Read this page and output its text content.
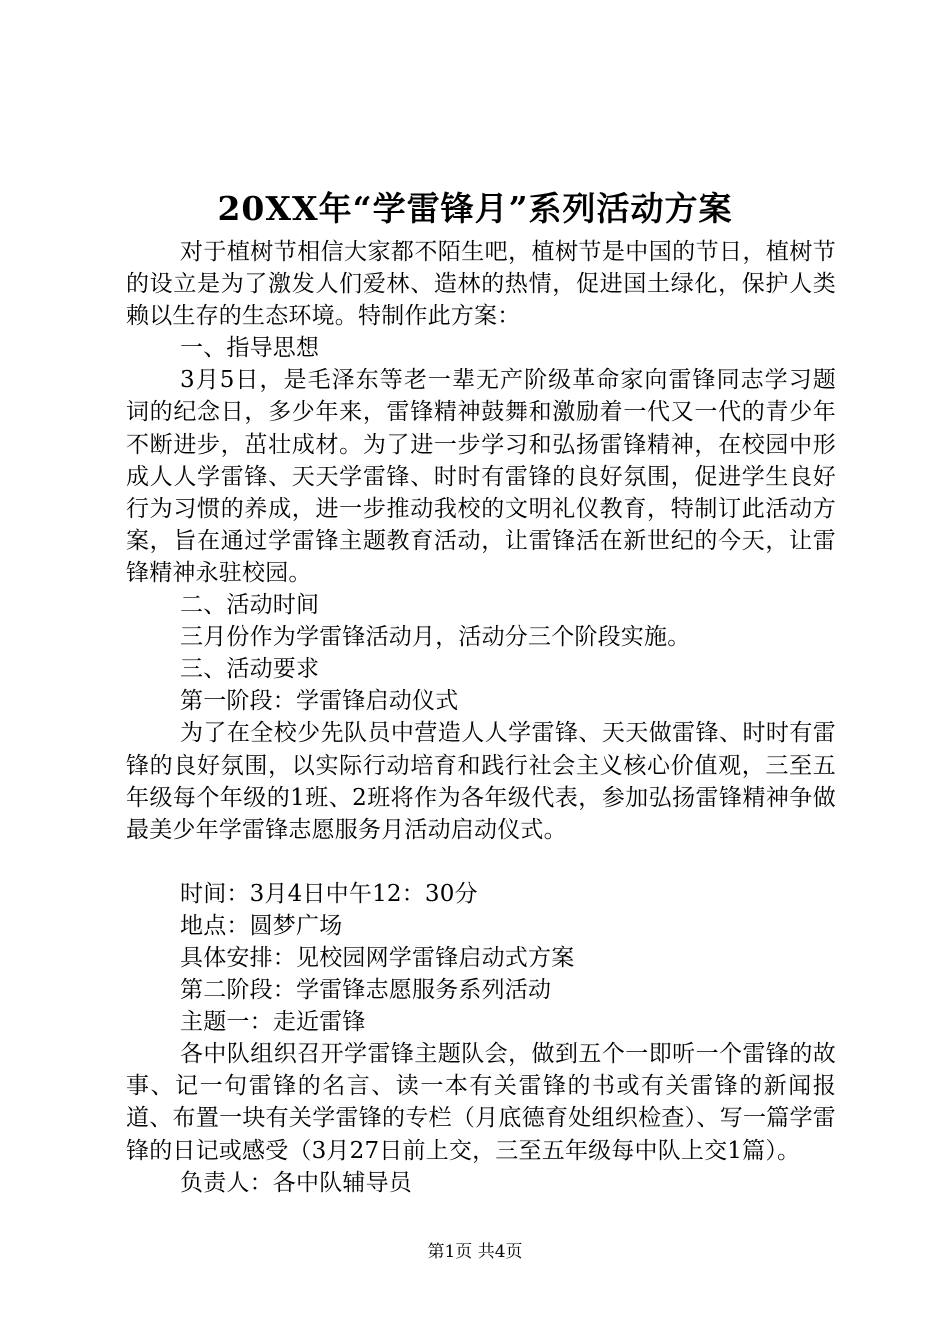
20XX年“学雷锋月”系列活动方案

对于植树节相信大家都不陌生吧，植树节是中国的节日，植树节的设立是为了激发人们爱林、造林的热情，促进国土绿化，保护人类赖以生存的生态环境。特制作此方案：

一、指导思想

3月5日，是毛泽东等老一辈无产阶级革命家向雷锋同志学习题词的纪念日，多少年来，雷锋精神鼓舞和激励着一代又一代的青少年不断进步，茁壮成材。为了进一步学习和弘扬雷锋精神，在校园中形成人人学雷锋、天天学雷锋、时时有雷锋的良好氛围，促进学生良好行为习惯的养成，进一步推动我校的文明礼仪教育，特制订此活动方案，旨在通过学雷锋主题教育活动，让雷锋活在新世纪的今天，让雷锋精神永驻校园。

二、活动时间

三月份作为学雷锋活动月，活动分三个阶段实施。

三、活动要求

第一阶段：学雷锋启动仪式

为了在全校少先队员中营造人人学雷锋、天天做雷锋、时时有雷锋的良好氛围，以实际行动培育和践行社会主义核心价值观，三至五年级每个年级的1班、2班将作为各年级代表，参加弘扬雷锋精神争做最美少年学雷锋志愿服务月活动启动仪式。

时间：3月4日中午12：30分

地点：圆梦广场

具体安排：见校园网学雷锋启动式方案

第二阶段：学雷锋志愿服务系列活动

主题一：走近雷锋

各中队组织召开学雷锋主题队会，做到五个一即听一个雷锋的故事、记一句雷锋的名言、读一本有关雷锋的书或有关雷锋的新闻报道、布置一块有关学雷锋的专栏（月底德育处组织检查）、写一篇学雷锋的日记或感受（3月27日前上交，三至五年级每中队上交1篇）。

负责人：各中队辅导员

第1页 共4页
